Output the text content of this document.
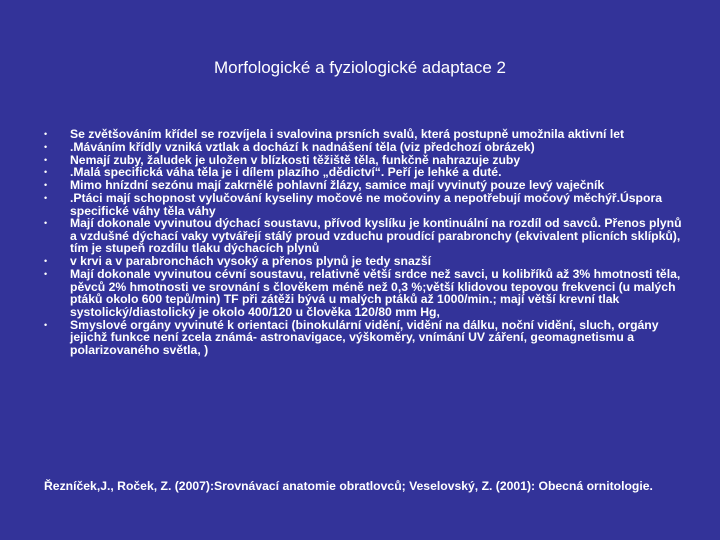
Morfologické a fyziologické adaptace 2
•	Se zvětšováním křídel se rozvíjela i svalovina prsních svalů, která postupně umožnila aktivní let
•	.Máváním křídly vzniká vztlak a dochází k nadnášení těla (viz předchozí obrázek)
•	Nemají zuby, žaludek je uložen v blízkosti těžiště těla, funkčně nahrazuje zuby
•	.Malá specifická váha těla je i dílem plazího „dědictví“. Peří je lehké a duté.
•	Mimo hnízdní sezónu mají zakrnělé pohlavní žlázy, samice mají vyvinutý pouze levý vaječník
•	.Ptáci mají schopnost vylučování kyseliny močové ne močoviny a nepotřebují močový měchýř.Úspora specifické váhy těla váhy
•	Mají dokonale vyvinutou dýchací soustavu, přívod kyslíku je kontinuální na rozdíl od savců. Přenos plynů a vzdušné dýchací vaky vytvářejí stálý proud vzduchu proudící parabronchy (ekvivalent plicních sklípků), tím je stupeň rozdílu tlaku dýchacích plynů
•	v krvi a v parabronchách vysoký a přenos plynů je tedy snazší
•	Mají dokonale vyvinutou cévní soustavu, relativně větší srdce než savci, u kolibříků až 3% hmotnosti těla, pěvců 2% hmotnosti ve srovnání s člověkem méně než 0,3 %;větší klidovou tepovou frekvenci (u malých ptáků okolo 600 tepů/min) TF při zátěži bývá u malých ptáků až 1000/min.; mají větší krevní tlak systolický/diastolický je okolo 400/120 u člověka 120/80 mm Hg,
•	Smyslové orgány vyvinuté k orientaci (binokulární vidění, vidění na dálku, noční vidění, sluch, orgány jejichž funkce není zcela známá- astronavigace, výškoměry, vnímání UV záření, geomagnetismu a polarizovaného světla, )
Řezníček,J., Roček, Z. (2007):Srovnávací anatomie obratlovců; Veselovský, Z. (2001): Obecná ornitologie.
